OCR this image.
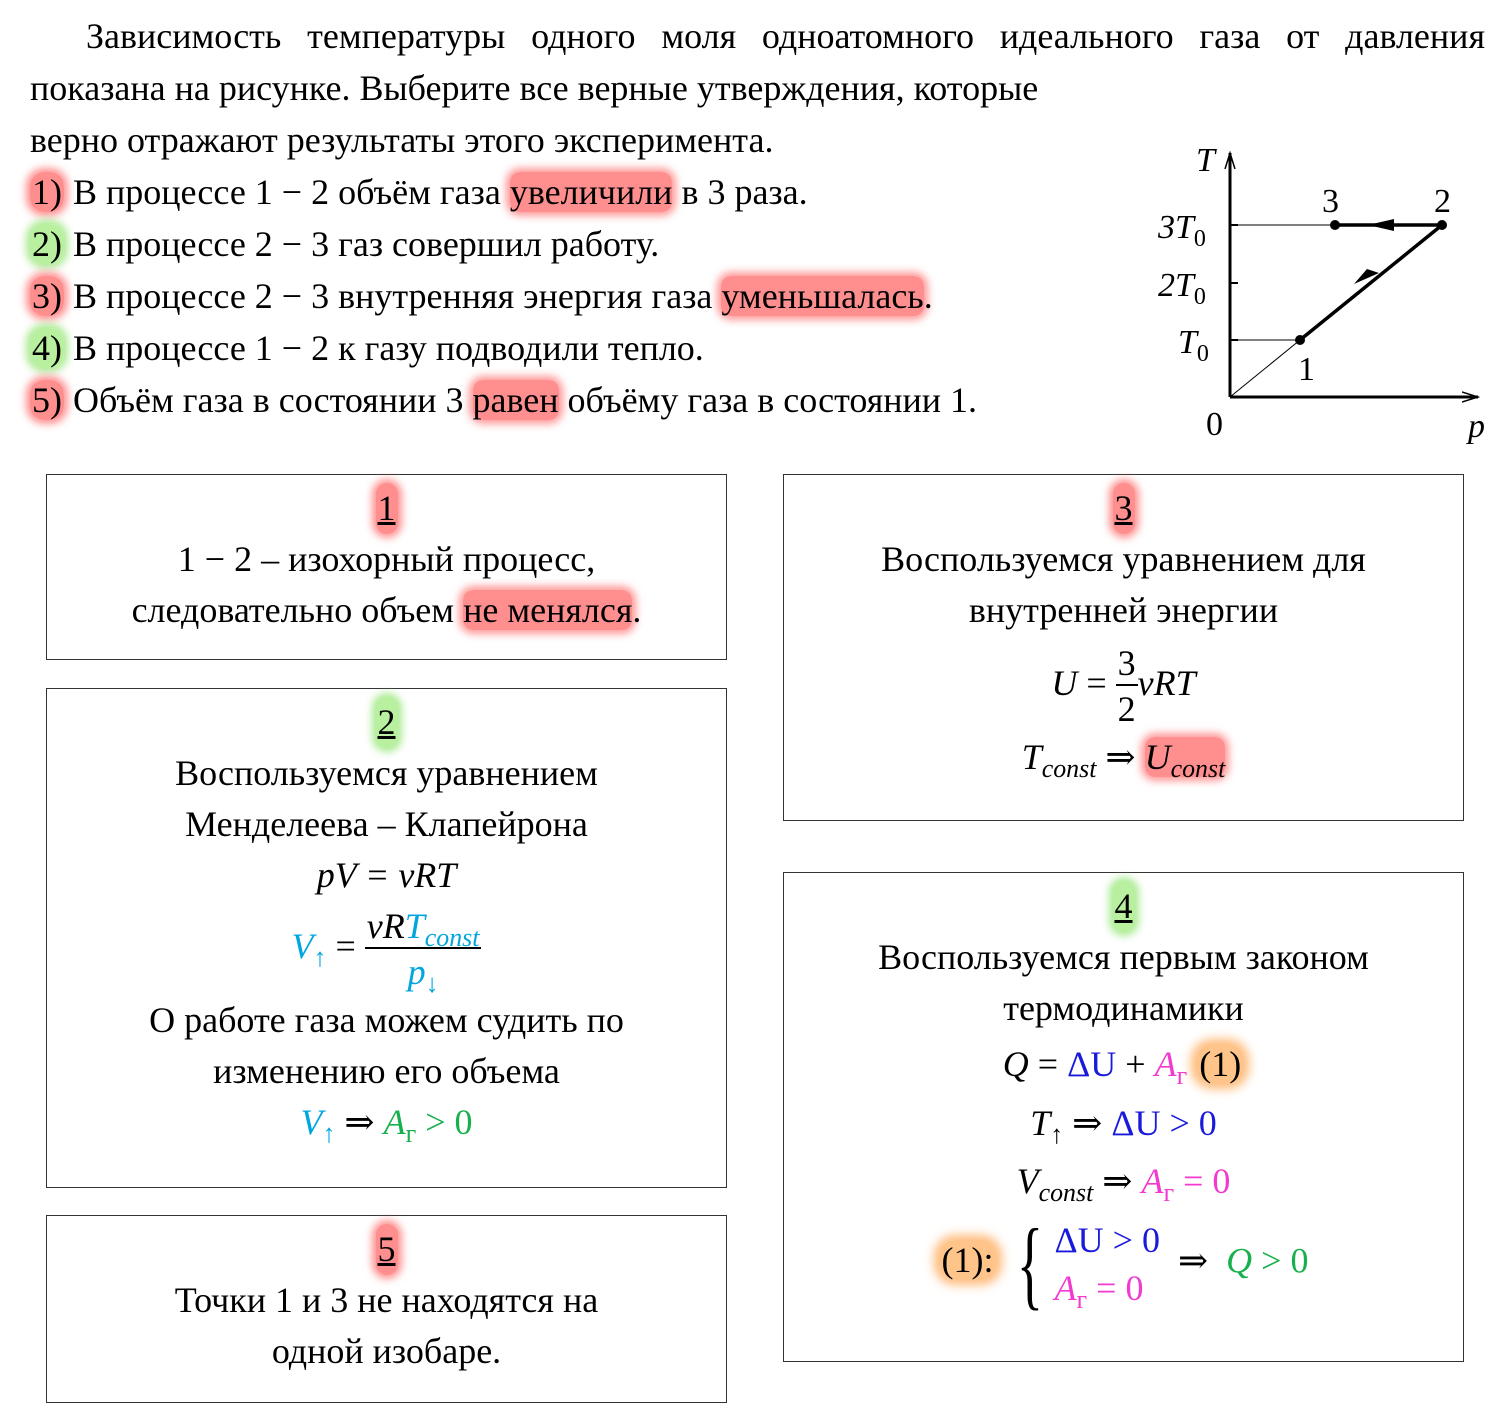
Зависимость температуры одного моля одноатомного идеального газа от давления показана на рисунке. Выберите все верные утверждения, которые

верно отражают результаты этого эксперимента.

1) В процессе 1 − 2 объём газа увеличили в 3 раза.
2) В процессе 2 − 3 газ совершил работу.
3) В процессе 2 − 3 внутренняя энергия газа уменьшалась.
4) В процессе 1 − 2 к газу подводили тепло.
5) Объём газа в состоянии 3 равен объёму газа в состоянии 1.
T
p
0
$3T_0$
$2T_0$
$T_0$	1
2
3
1

1 − 2 – изохорный процесс,

следовательно объем не менялся.

2

Воспользуемся уравнением

Менделеева – Клапейрона

pV = νRT

$V_↑ = \frac{\nu RT_{const}}{p_↓}$

О работе газа можем судить по

изменению его объема

$V_↑$ ⇒ $A_г > 0$

5

Точки 1 и 3 не находятся на

одной изобаре.

3

Воспользуемся уравнением для

внутренней энергии

$U = \frac{3}{2}$ νRT

$T_{const}$ ⇒ $U_{const}$

4

Воспользуемся первым законом

термодинамики

$Q = \Delta U + A_г$ (1)

$T_↑$ ⇒ ΔU > 0

$V_{const}$ ⇒ $A_г = 0$

(1): { ΔU > 0
$A_г = 0$
⇒ Q > 0
